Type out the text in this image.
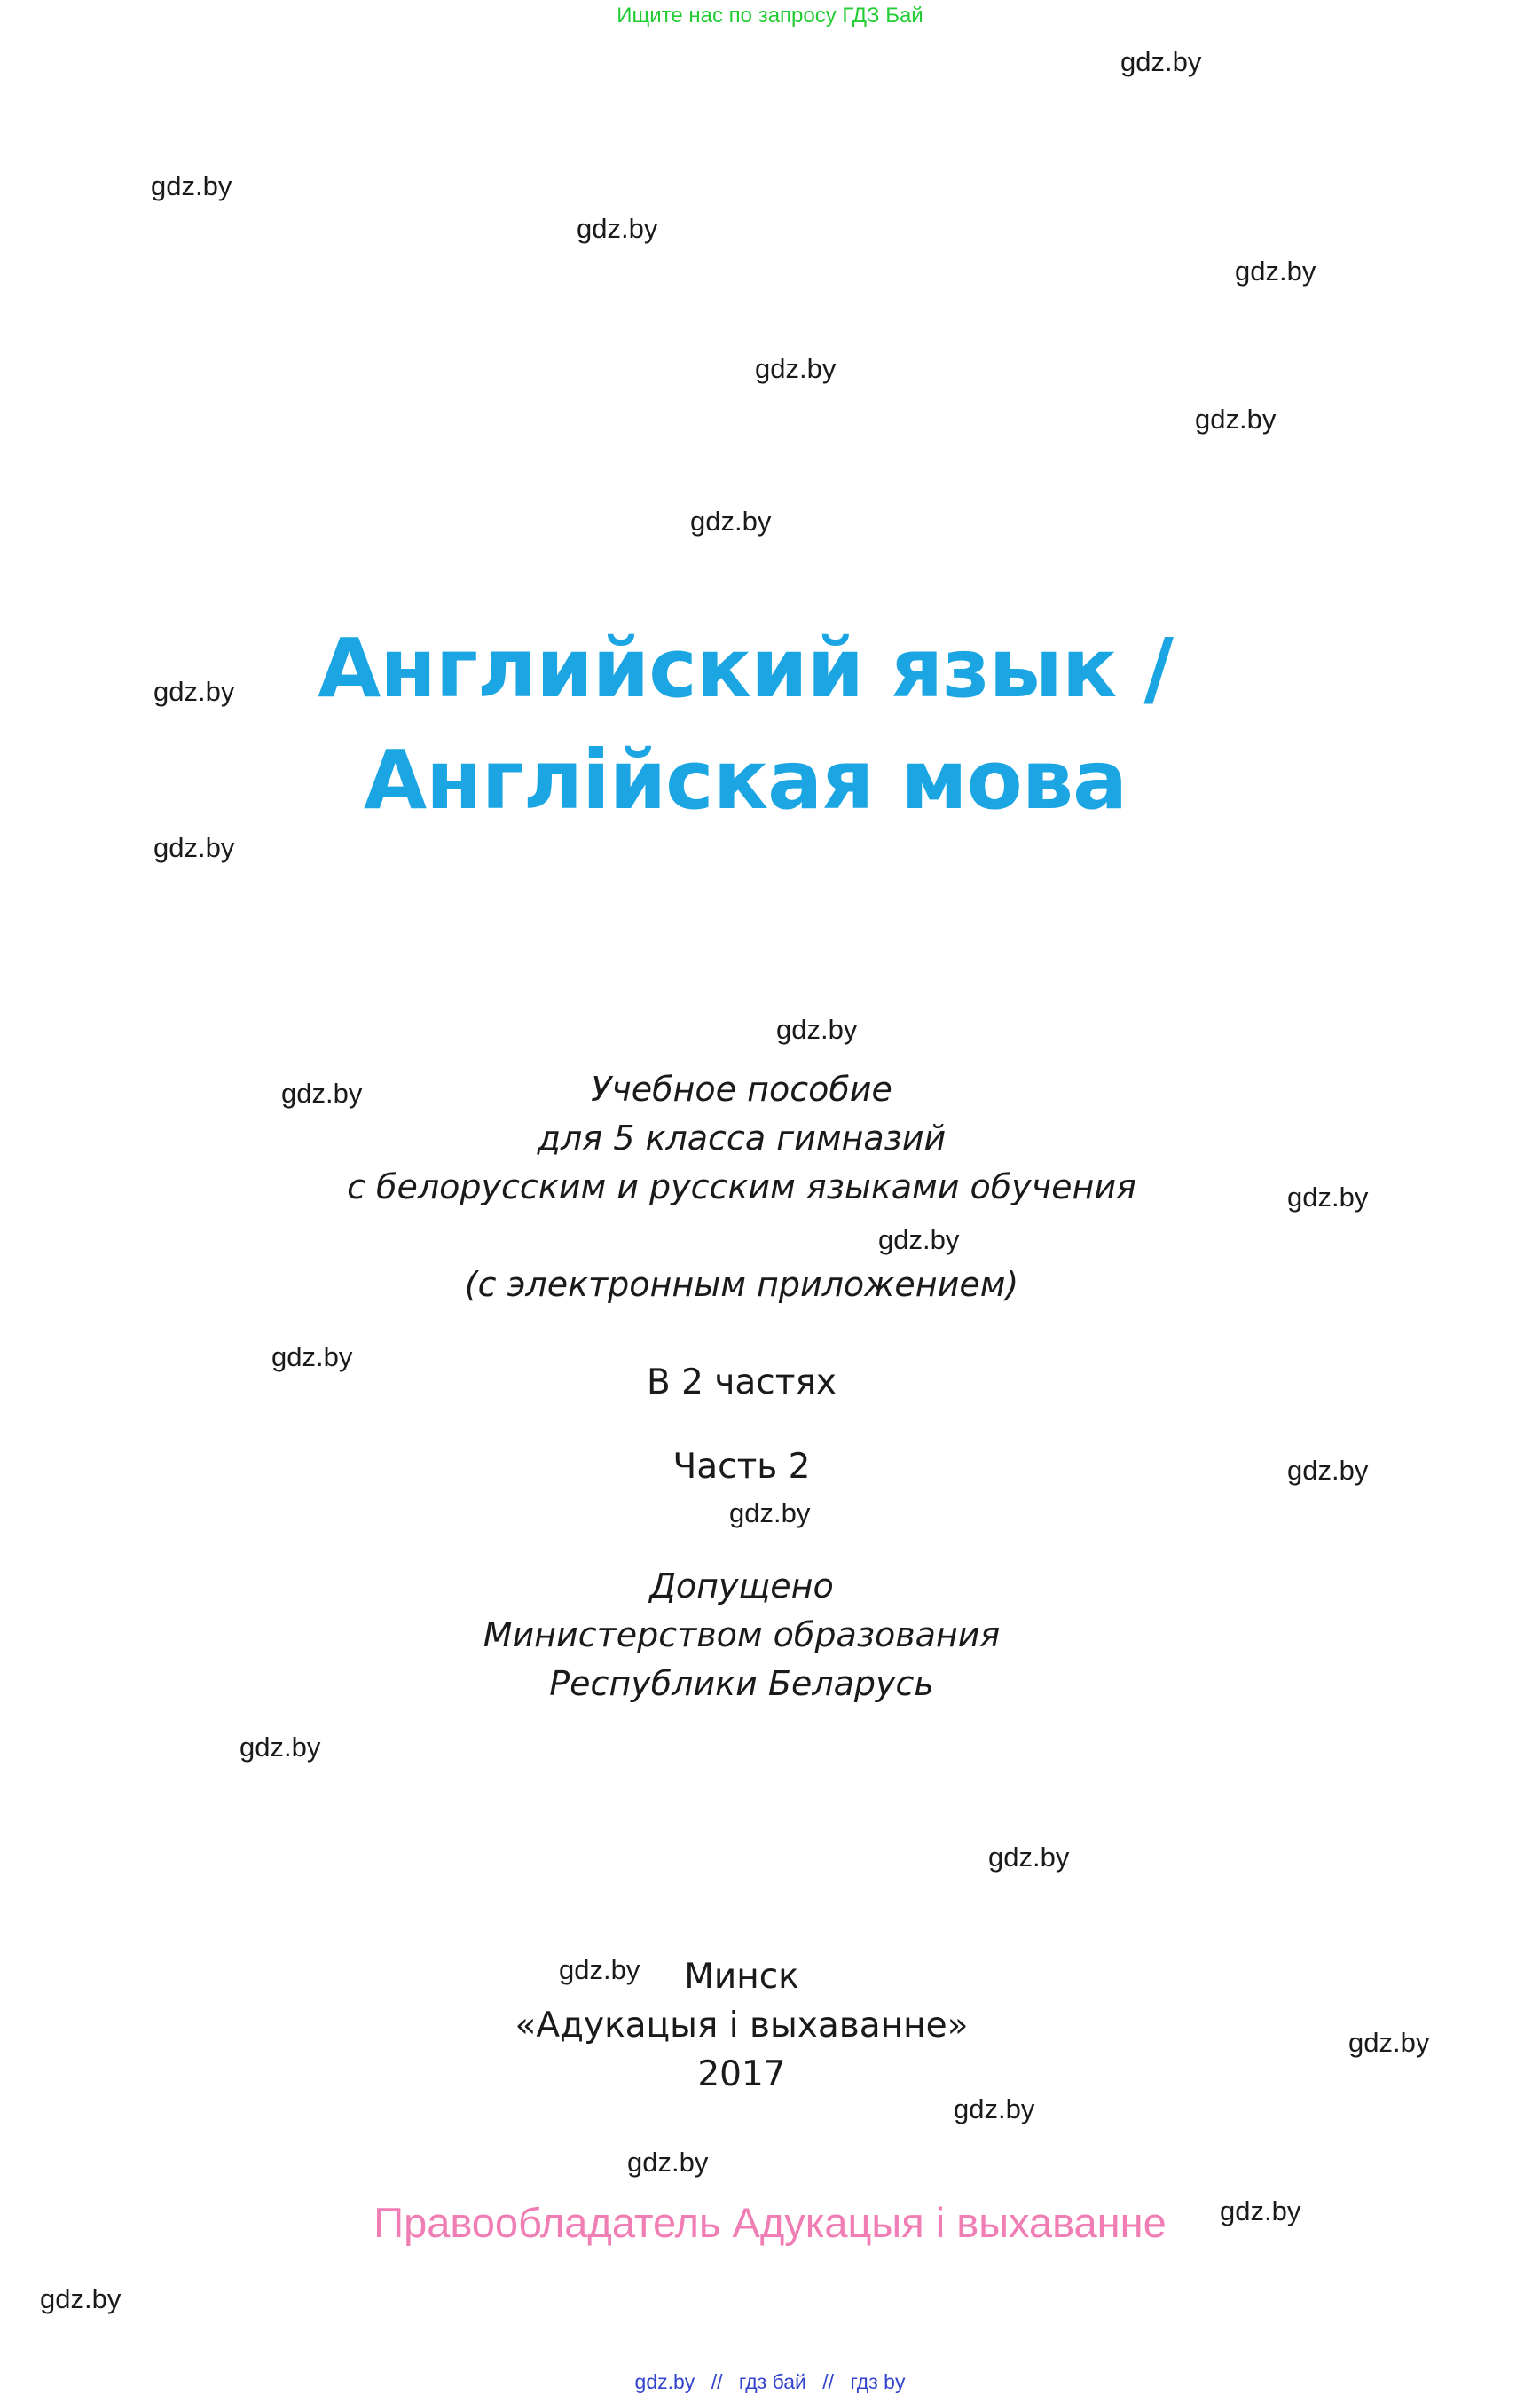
Ищите нас по запросу ГДЗ Бай
gdz.by
gdz.by
gdz.by
gdz.by
gdz.by
gdz.by
gdz.by
gdz.by
gdz.by
gdz.by
gdz.by
gdz.by
gdz.by
gdz.by
gdz.by
gdz.by
gdz.by
gdz.by
gdz.by
gdz.by
gdz.by
gdz.by
gdz.by
gdz.by
Английский язык /
Англійская мова
Учебное пособие
для 5 класса гимназий
с белорусским и русским языками обучения
(с электронным приложением)
В 2 частях
Часть 2
Допущено
Министерством образования
Республики Беларусь
Минск
«Адукацыя і выхаванне»
2017
Правообладатель Адукацыя і выхаванне
gdz.by // гдз бай // гдз by
